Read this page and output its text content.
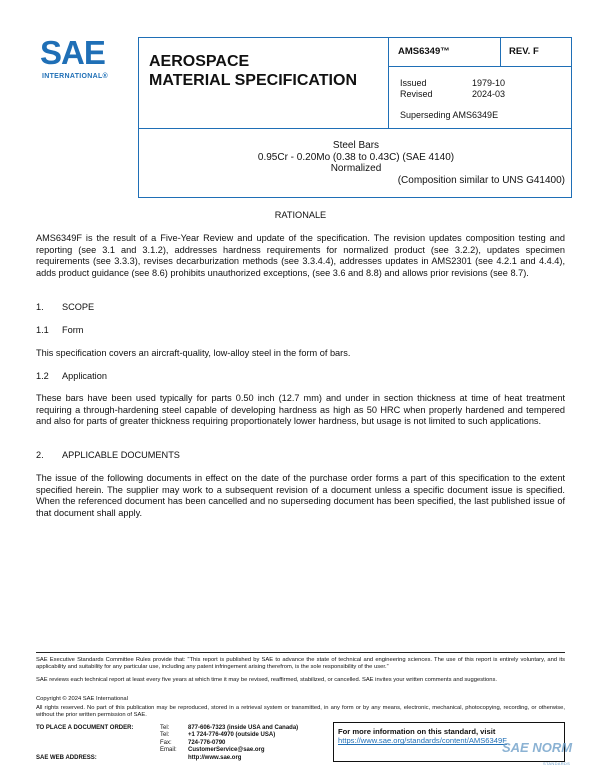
SAE
INTERNATIONAL®
AEROSPACE
MATERIAL SPECIFICATION
AMS6349™	REV. F
Issued	1979-10
Revised	2024-03
Superseding AMS6349E
Steel Bars
0.95Cr - 0.20Mo (0.38 to 0.43C) (SAE 4140)
Normalized
(Composition similar to UNS G41400)
RATIONALE
AMS6349F is the result of a Five-Year Review and update of the specification. The revision updates composition testing and reporting (see 3.1 and 3.1.2), addresses hardness requirements for normalized product (see 3.2.2), updates specimen requirements (see 3.3.3), revises decarburization methods (see 3.3.4.4), addresses updates in AMS2301 (see 4.2.1 and 4.4.4), adds product guidance (see 8.6) prohibits unauthorized exceptions, (see 3.6 and 8.8) and allows prior revisions (see 8.7).
1. SCOPE
1.1 Form
This specification covers an aircraft-quality, low-alloy steel in the form of bars.
1.2 Application
These bars have been used typically for parts 0.50 inch (12.7 mm) and under in section thickness at time of heat treatment requiring a through-hardening steel capable of developing hardness as high as 50 HRC when properly hardened and tempered and also for parts of greater thickness requiring proportionately lower hardness, but usage is not limited to such applications.
2. APPLICABLE DOCUMENTS
The issue of the following documents in effect on the date of the purchase order forms a part of this specification to the extent specified herein. The supplier may work to a subsequent revision of a document unless a specific document issue is specified. When the referenced document has been cancelled and no superseding document has been specified, the last published issue of that document shall apply.
SAE Executive Standards Committee Rules provide that: “This report is published by SAE to advance the state of technical and engineering sciences. The use of this report is entirely voluntary, and its applicability and suitability for any particular use, including any patent infringement arising therefrom, is the sole responsibility of the user.”
SAE reviews each technical report at least every five years at which time it may be revised, reaffirmed, stabilized, or cancelled. SAE invites your written comments and suggestions.
Copyright © 2024 SAE International
All rights reserved. No part of this publication may be reproduced, stored in a retrieval system or transmitted, in any form or by any means, electronic, mechanical, photocopying, recording, or otherwise, without the prior written permission of SAE.
TO PLACE A DOCUMENT ORDER:	Tel:	877-606-7323 (inside USA and Canada)
Tel:	+1 724-776-4970 (outside USA)
Fax:	724-776-0790
Email: CustomerService@sae.org
SAE WEB ADDRESS:	http://www.sae.org
For more information on this standard, visit
https://www.sae.org/standards/content/AMS6349F
SAE NORM
STANDARDS
